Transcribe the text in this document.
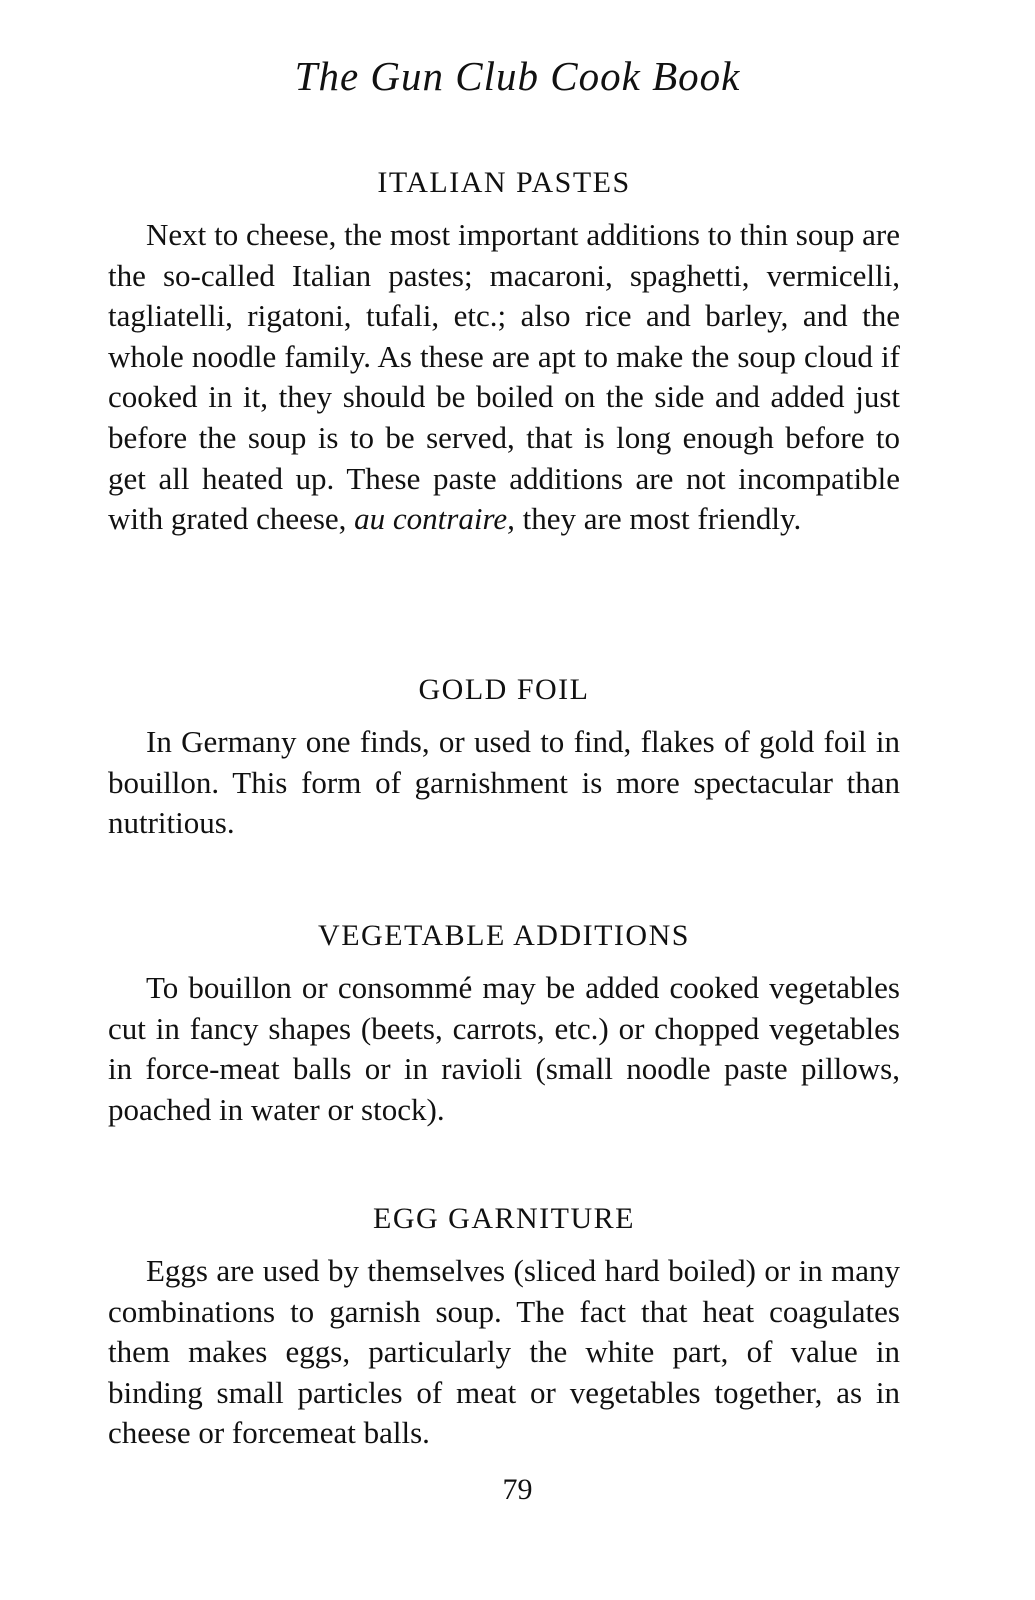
The Gun Club Cook Book
ITALIAN PASTES

Next to cheese, the most important additions to thin soup are the so-called Italian pastes; macaroni, spaghetti, vermicelli, tagliatelli, rigatoni, tufali, etc.; also rice and barley, and the whole noodle family. As these are apt to make the soup cloud if cooked in it, they should be boiled on the side and added just before the soup is to be served, that is long enough before to get all heated up. These paste additions are not incompatible with grated cheese, au contraire, they are most friendly.

GOLD FOIL

In Germany one finds, or used to find, flakes of gold foil in bouillon. This form of garnishment is more spectacular than nutritious.

VEGETABLE ADDITIONS

To bouillon or consommé may be added cooked vegetables cut in fancy shapes (beets, carrots, etc.) or chopped vegetables in force-meat balls or in ravioli (small noodle paste pillows, poached in water or stock).

EGG GARNITURE

Eggs are used by themselves (sliced hard boiled) or in many combinations to garnish soup. The fact that heat coagulates them makes eggs, particularly the white part, of value in binding small particles of meat or vegetables together, as in cheese or forcemeat balls.

79
